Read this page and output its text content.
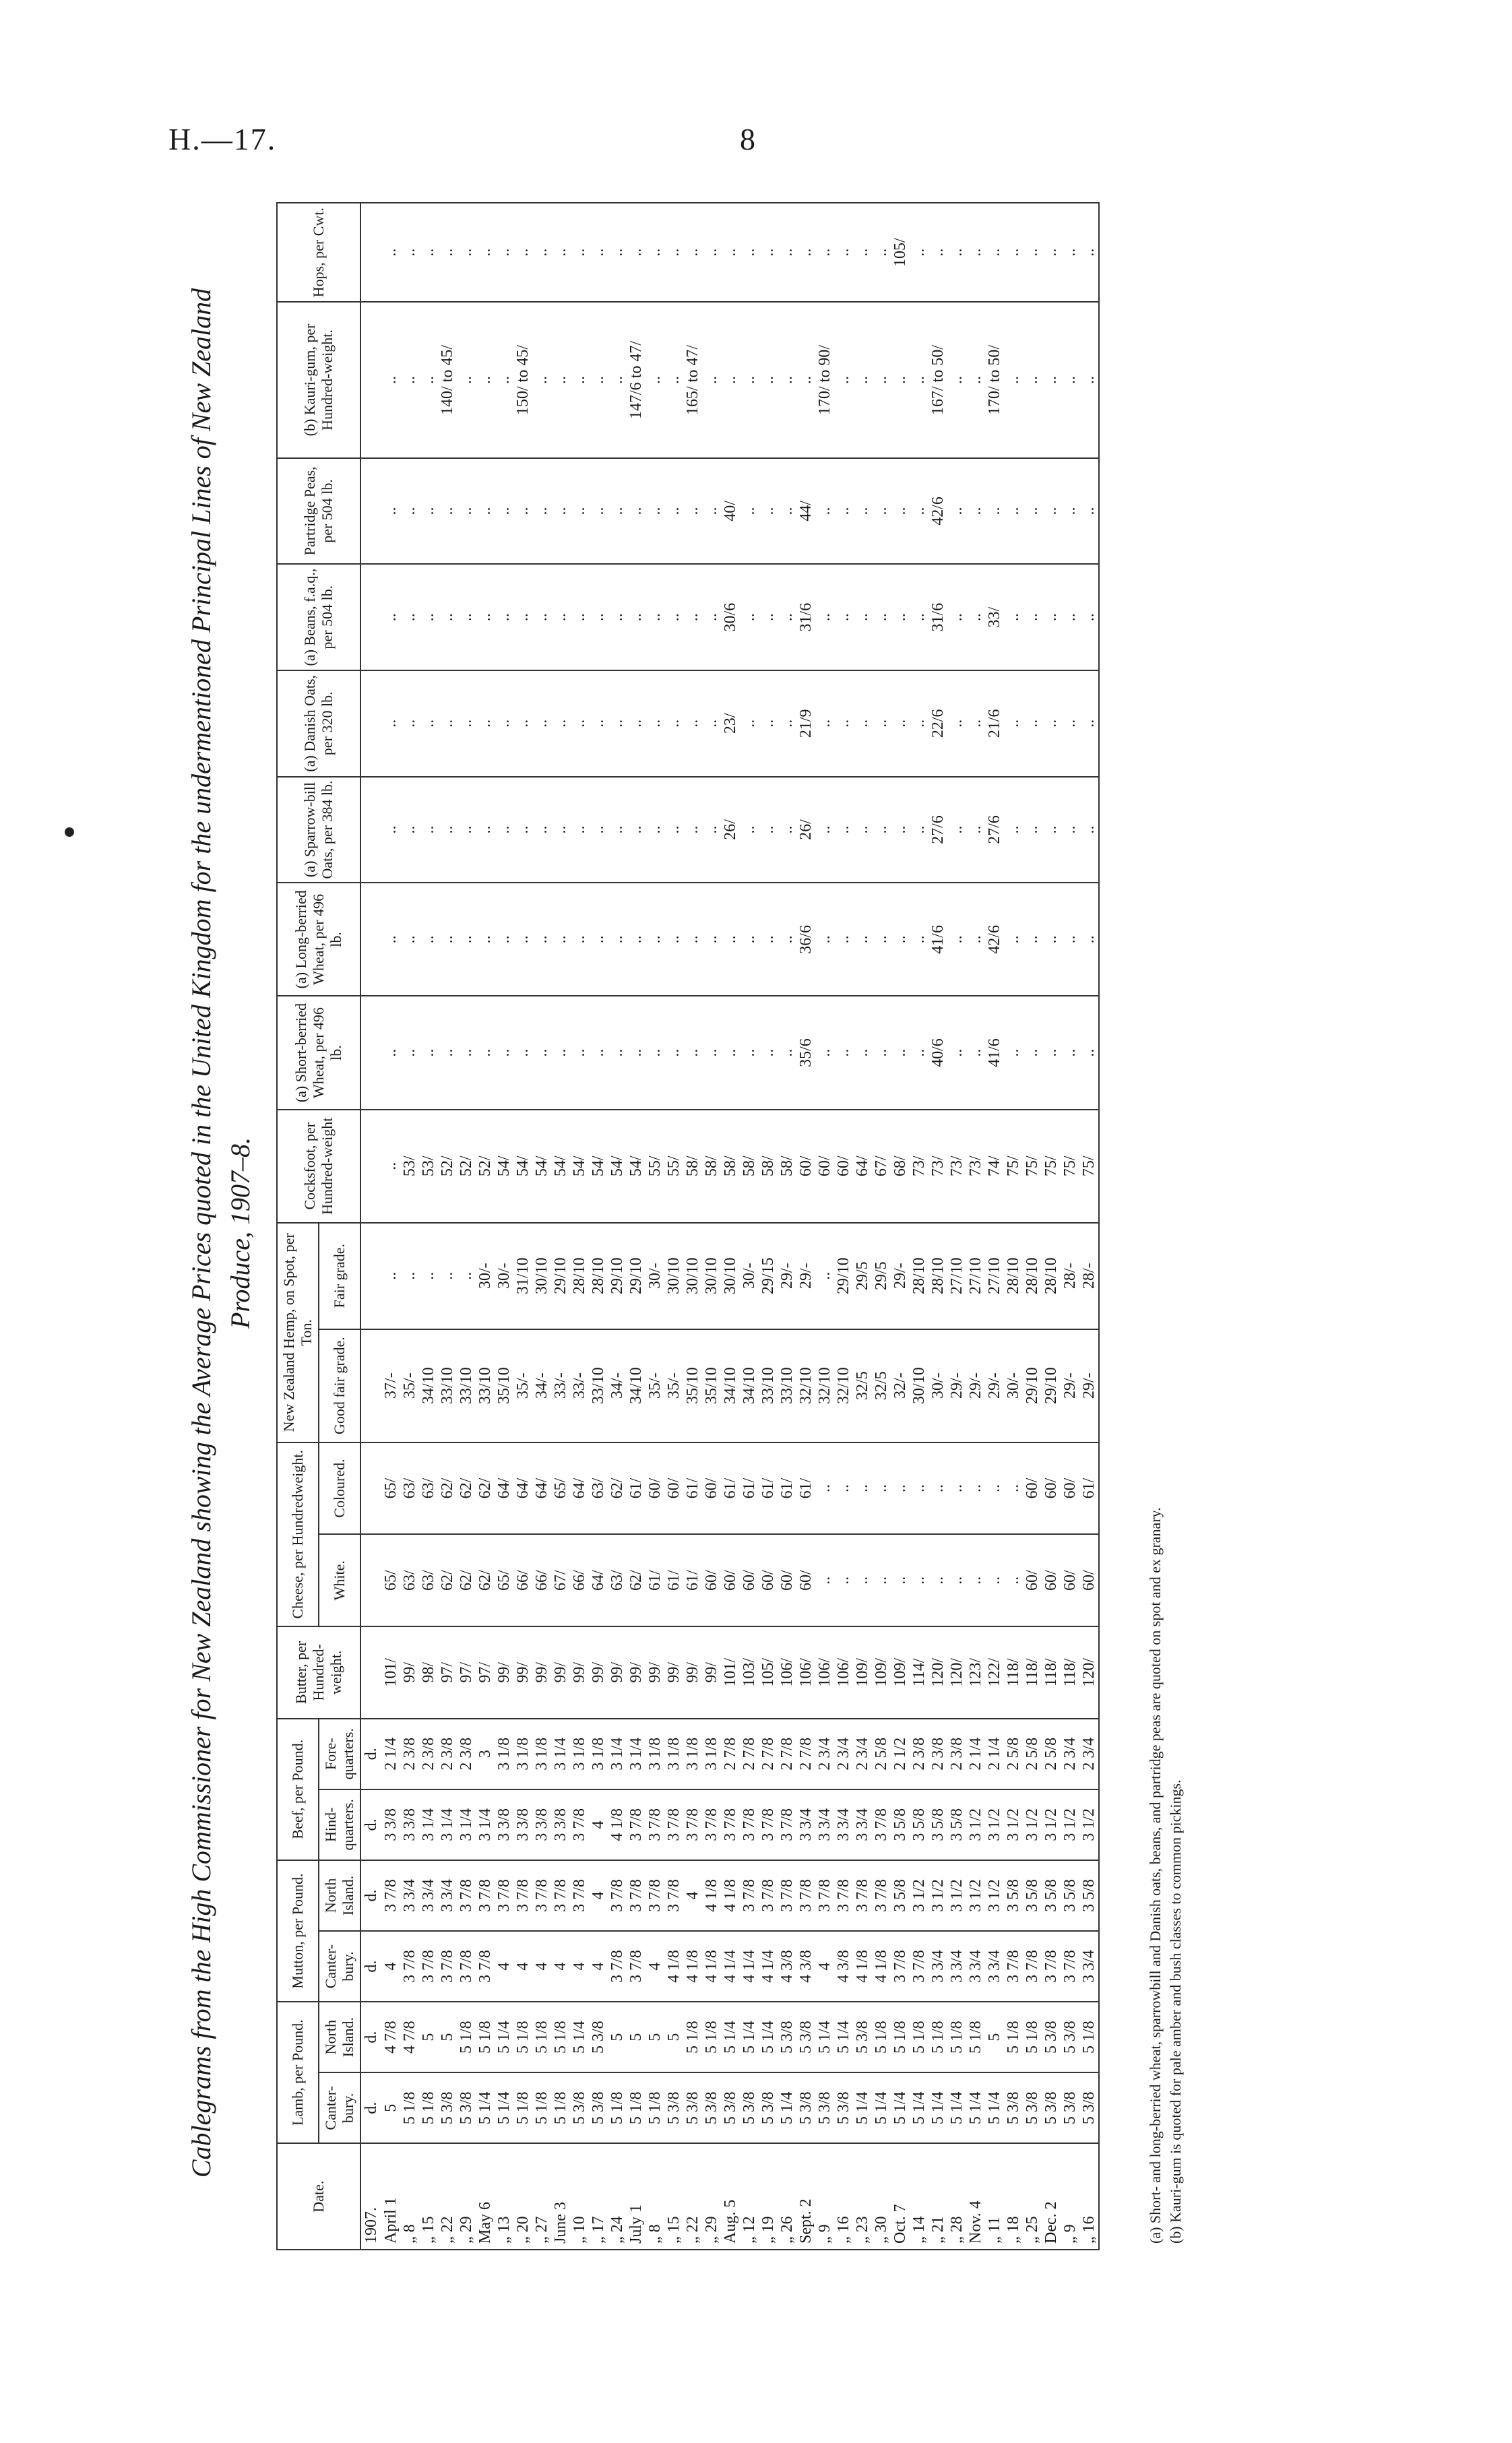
H.—17.	8
Cablegrams from the High Commissioner for New Zealand showing the Average Prices quoted in the United Kingdom for the undermentioned Principal Lines of New Zealand Produce, 1907–8.
Date.	Lamb, per Pound.		Mutton, per Pound.		Beef, per Pound.		Butter, per Hundred-weight.	Cheese, per Hundredweight.		New Zealand Hemp, on Spot, per Ton.		Cocksfoot, per Hundred-weight	(a) Short-berried Wheat, per 496 lb.	(a) Long-berried Wheat, per 496 lb.	(a) Sparrow-bill Oats, per 384 lb.	(a) Danish Oats, per 320 lb.	(a) Beans, f.a.q., per 504 lb.	Partridge Peas, per 504 lb.	(b) Kauri-gum, per Hundred-weight.	Hops, per Cwt.
	Canter-bury.	North Island.	Canter-bury.	North Island.	Hind-quarters.	Fore-quarters.		White.	Coloured.	Good fair grade.	Fair grade.									
1907.	d.	d.	d.	d.	d.	d.														
April 1	5	4 7/8	4	3 7/8	3 3/8	2 1/4	101/	65/	65/	37/-	..	..	..	..	..	..	..	..	..	..
„ 8	5 1/8	4 7/8	3 7/8	3 3/4	3 3/8	2 3/8	99/	63/	63/	35/-	..	53/	..	..	..	..	..	..	..	..
„ 15	5 1/8	5	3 7/8	3 3/4	3 1/4	2 3/8	98/	63/	63/	34/10	..	53/	..	..	..	..	..	..	..	..
„ 22	5 3/8	5	3 7/8	3 3/4	3 1/4	2 3/8	97/	62/	62/	33/10	..	52/	..	..	..	..	..	..	140/ to 45/	..
„ 29	5 3/8	5 1/8	3 7/8	3 7/8	3 1/4	2 3/8	97/	62/	62/	33/10	..	52/	..	..	..	..	..	..	..	..
May 6	5 1/4	5 1/8	3 7/8	3 7/8	3 1/4	3	97/	62/	62/	33/10	30/-	52/	..	..	..	..	..	..	..	..
„ 13	5 1/4	5 1/4	4	3 7/8	3 3/8	3 1/8	99/	65/	64/	35/10	30/-	54/	..	..	..	..	..	..	..	..
„ 20	5 1/8	5 1/8	4	3 7/8	3 3/8	3 1/8	99/	66/	64/	35/-	31/10	54/	..	..	..	..	..	..	150/ to 45/	..
„ 27	5 1/8	5 1/8	4	3 7/8	3 3/8	3 1/8	99/	66/	64/	34/-	30/10	54/	..	..	..	..	..	..	..	..
June 3	5 1/8	5 1/8	4	3 7/8	3 3/8	3 1/4	99/	67/	65/	33/-	29/10	54/	..	..	..	..	..	..	..	..
„ 10	5 3/8	5 1/4	4	3 7/8	3 7/8	3 1/8	99/	66/	64/	33/-	28/10	54/	..	..	..	..	..	..	..	..
„ 17	5 3/8	5 3/8	4	4	4	3 1/8	99/	64/	63/	33/10	28/10	54/	..	..	..	..	..	..	..	..
„ 24	5 1/8	5	3 7/8	3 7/8	4 1/8	3 1/4	99/	63/	62/	34/-	29/10	54/	..	..	..	..	..	..	..	..
July 1	5 1/8	5	3 7/8	3 7/8	3 7/8	3 1/4	99/	62/	61/	34/10	29/10	54/	..	..	..	..	..	..	147/6 to 47/	..
„ 8	5 1/8	5	4	3 7/8	3 7/8	3 1/8	99/	61/	60/	35/-	30/-	55/	..	..	..	..	..	..	..	..
„ 15	5 3/8	5	4 1/8	3 7/8	3 7/8	3 1/8	99/	61/	60/	35/-	30/10	55/	..	..	..	..	..	..	..	..
„ 22	5 3/8	5 1/8	4 1/8	4	3 7/8	3 1/8	99/	61/	61/	35/10	30/10	58/	..	..	..	..	..	..	165/ to 47/	..
„ 29	5 3/8	5 1/8	4 1/8	4 1/8	3 7/8	3 1/8	99/	60/	60/	35/10	30/10	58/	..	..	..	..	..	..	..	..
Aug. 5	5 3/8	5 1/4	4 1/4	4 1/8	3 7/8	2 7/8	101/	60/	61/	34/10	30/10	58/	..	..	26/	23/	30/6	40/	..	..
„ 12	5 3/8	5 1/4	4 1/4	3 7/8	3 7/8	2 7/8	103/	60/	61/	34/10	30/-	58/	..	..	..	..	..	..	..	..
„ 19	5 3/8	5 1/4	4 1/4	3 7/8	3 7/8	2 7/8	105/	60/	61/	33/10	29/15	58/	..	..	..	..	..	..	..	..
„ 26	5 1/4	5 3/8	4 3/8	3 7/8	3 7/8	2 7/8	106/	60/	61/	33/10	29/-	58/	..	..	..	..	..	..	..	..
Sept. 2	5 3/8	5 3/8	4 3/8	3 7/8	3 3/4	2 7/8	106/	60/	61/	32/10	29/-	60/	35/6	36/6	26/	21/9	31/6	44/	..	..
„ 9	5 3/8	5 1/4	4	3 7/8	3 3/4	2 3/4	106/	..	..	32/10	..	60/	..	..	..	..	..	..	170/ to 90/	..
„ 16	5 3/8	5 1/4	4 3/8	3 7/8	3 3/4	2 3/4	106/	..	..	32/10	29/10	60/	..	..	..	..	..	..	..	..
„ 23	5 1/4	5 3/8	4 1/8	3 7/8	3 3/4	2 3/4	109/	..	..	32/5	29/5	64/	..	..	..	..	..	..	..	..
„ 30	5 1/4	5 1/8	4 1/8	3 7/8	3 7/8	2 5/8	109/	..	..	32/5	29/5	67/	..	..	..	..	..	..	..	..
Oct. 7	5 1/4	5 1/8	3 7/8	3 5/8	3 5/8	2 1/2	109/	..	..	32/-	29/-	68/	..	..	..	..	..	..	..	105/
„ 14	5 1/4	5 1/8	3 7/8	3 1/2	3 5/8	2 3/8	114/	..	..	30/10	28/10	73/	..	..	..	..	..	..	..	..
„ 21	5 1/4	5 1/8	3 3/4	3 1/2	3 5/8	2 3/8	120/	..	..	30/-	28/10	73/	40/6	41/6	27/6	22/6	31/6	42/6	167/ to 50/	..
„ 28	5 1/4	5 1/8	3 3/4	3 1/2	3 5/8	2 3/8	120/	..	..	29/-	27/10	73/	..	..	..	..	..	..	..	..
Nov. 4	5 1/4	5 1/8	3 3/4	3 1/2	3 1/2	2 1/4	123/	..	..	29/-	27/10	73/	..	..	..	..	..	..	..	..
„ 11	5 1/4	5	3 3/4	3 1/2	3 1/2	2 1/4	122/	..	..	29/-	27/10	74/	41/6	42/6	27/6	21/6	33/	..	170/ to 50/	..
„ 18	5 3/8	5 1/8	3 7/8	3 5/8	3 1/2	2 5/8	118/	..	..	30/-	28/10	75/	..	..	..	..	..	..	..	..
„ 25	5 3/8	5 1/8	3 7/8	3 5/8	3 1/2	2 5/8	118/	60/	60/	29/10	28/10	75/	..	..	..	..	..	..	..	..
Dec. 2	5 3/8	5 3/8	3 7/8	3 5/8	3 1/2	2 5/8	118/	60/	60/	29/10	28/10	75/	..	..	..	..	..	..	..	..
„ 9	5 3/8	5 3/8	3 7/8	3 5/8	3 1/2	2 3/4	118/	60/	60/	29/-	28/-	75/	..	..	..	..	..	..	..	..
„ 16	5 3/8	5 1/8	3 3/4	3 5/8	3 1/2	2 3/4	120/	60/	61/	29/-	28/-	75/	..	..	..	..	..	..	..	..
(a) Short- and long-berried wheat, sparrowbill and Danish oats, beans, and partridge peas are quoted on spot and ex granary. (b) Kauri-gum is quoted for pale amber and bush classes to common pickings.
